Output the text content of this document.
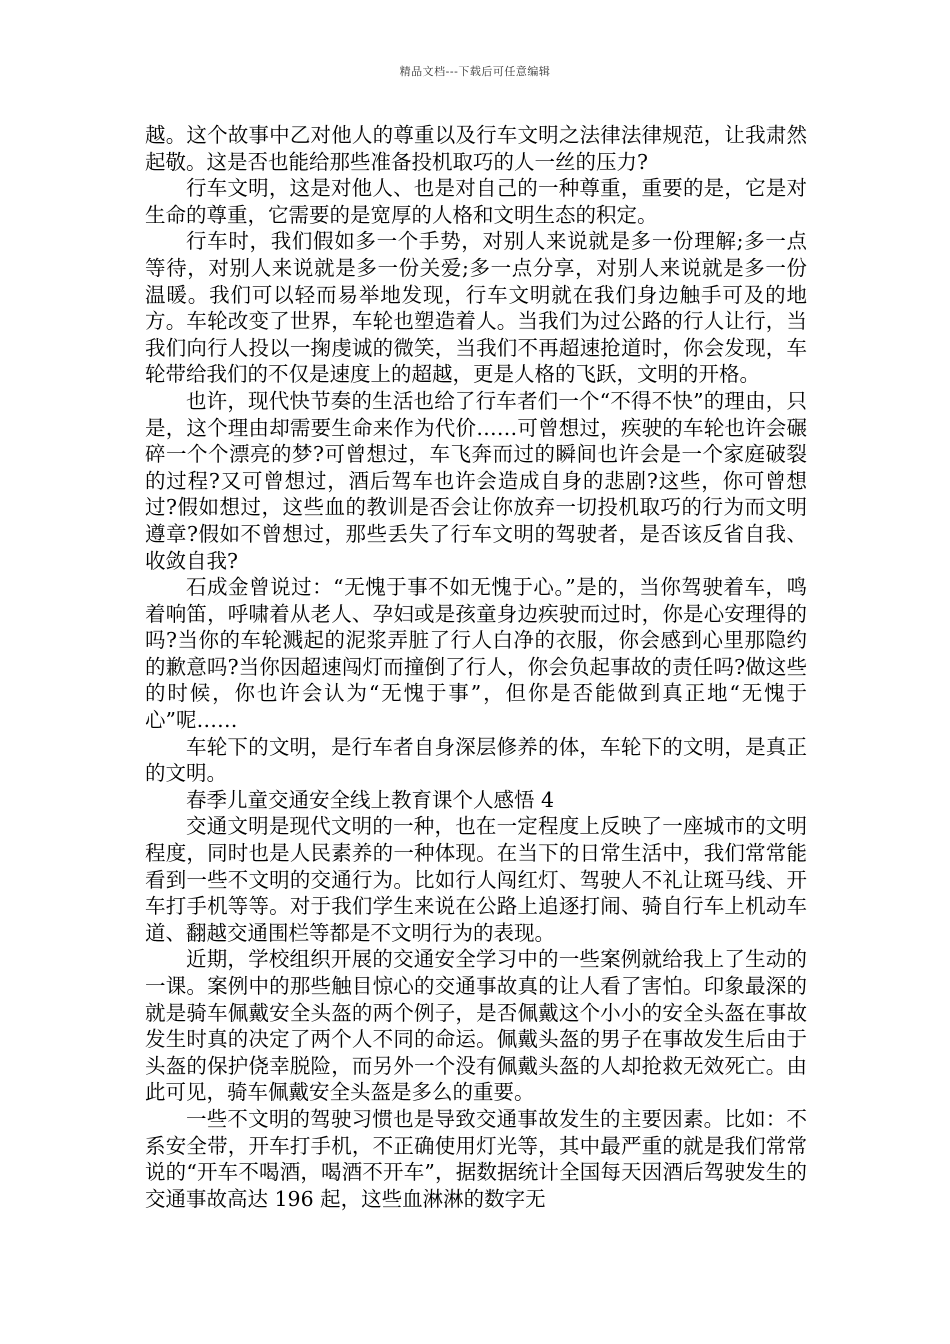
精品文档---下载后可任意编辑

越。这个故事中乙对他人的尊重以及行车文明之法律法律规范，让我肃然起敬。这是否也能给那些准备投机取巧的人一丝的压力?

行车文明，这是对他人、也是对自己的一种尊重，重要的是，它是对生命的尊重，它需要的是宽厚的人格和文明生态的积定。

行车时，我们假如多一个手势，对别人来说就是多一份理解;多一点等待，对别人来说就是多一份关爱;多一点分享，对别人来说就是多一份温暖。我们可以轻而易举地发现，行车文明就在我们身边触手可及的地方。车轮改变了世界，车轮也塑造着人。当我们为过公路的行人让行，当我们向行人投以一掬虔诚的微笑，当我们不再超速抢道时，你会发现，车轮带给我们的不仅是速度上的超越，更是人格的飞跃，文明的开格。

也许，现代快节奏的生活也给了行车者们一个“不得不快”的理由，只是，这个理由却需要生命来作为代价……可曾想过，疾驶的车轮也许会碾碎一个个漂亮的梦?可曾想过，车飞奔而过的瞬间也许会是一个家庭破裂的过程?又可曾想过，酒后驾车也许会造成自身的悲剧?这些，你可曾想过?假如想过，这些血的教训是否会让你放弃一切投机取巧的行为而文明遵章?假如不曾想过，那些丢失了行车文明的驾驶者，是否该反省自我、收敛自我?

石成金曾说过：“无愧于事不如无愧于心。”是的，当你驾驶着车，鸣着响笛，呼啸着从老人、孕妇或是孩童身边疾驶而过时，你是心安理得的吗?当你的车轮溅起的泥浆弄脏了行人白净的衣服，你会感到心里那隐约的歉意吗?当你因超速闯灯而撞倒了行人，你会负起事故的责任吗?做这些的时候，你也许会认为“无愧于事”，但你是否能做到真正地“无愧于心”呢……

车轮下的文明，是行车者自身深层修养的体，车轮下的文明，是真正的文明。

春季儿童交通安全线上教育课个人感悟 4

交通文明是现代文明的一种，也在一定程度上反映了一座城市的文明程度，同时也是人民素养的一种体现。在当下的日常生活中，我们常常能看到一些不文明的交通行为。比如行人闯红灯、驾驶人不礼让斑马线、开车打手机等等。对于我们学生来说在公路上追逐打闹、骑自行车上机动车道、翻越交通围栏等都是不文明行为的表现。

近期，学校组织开展的交通安全学习中的一些案例就给我上了生动的一课。案例中的那些触目惊心的交通事故真的让人看了害怕。印象最深的就是骑车佩戴安全头盔的两个例子，是否佩戴这个小小的安全头盔在事故发生时真的决定了两个人不同的命运。佩戴头盔的男子在事故发生后由于头盔的保护侥幸脱险，而另外一个没有佩戴头盔的人却抢救无效死亡。由此可见，骑车佩戴安全头盔是多么的重要。

一些不文明的驾驶习惯也是导致交通事故发生的主要因素。比如：不系安全带，开车打手机，不正确使用灯光等，其中最严重的就是我们常常说的“开车不喝酒，喝酒不开车”，据数据统计全国每天因酒后驾驶发生的交通事故高达 196 起，这些血淋淋的数字无
